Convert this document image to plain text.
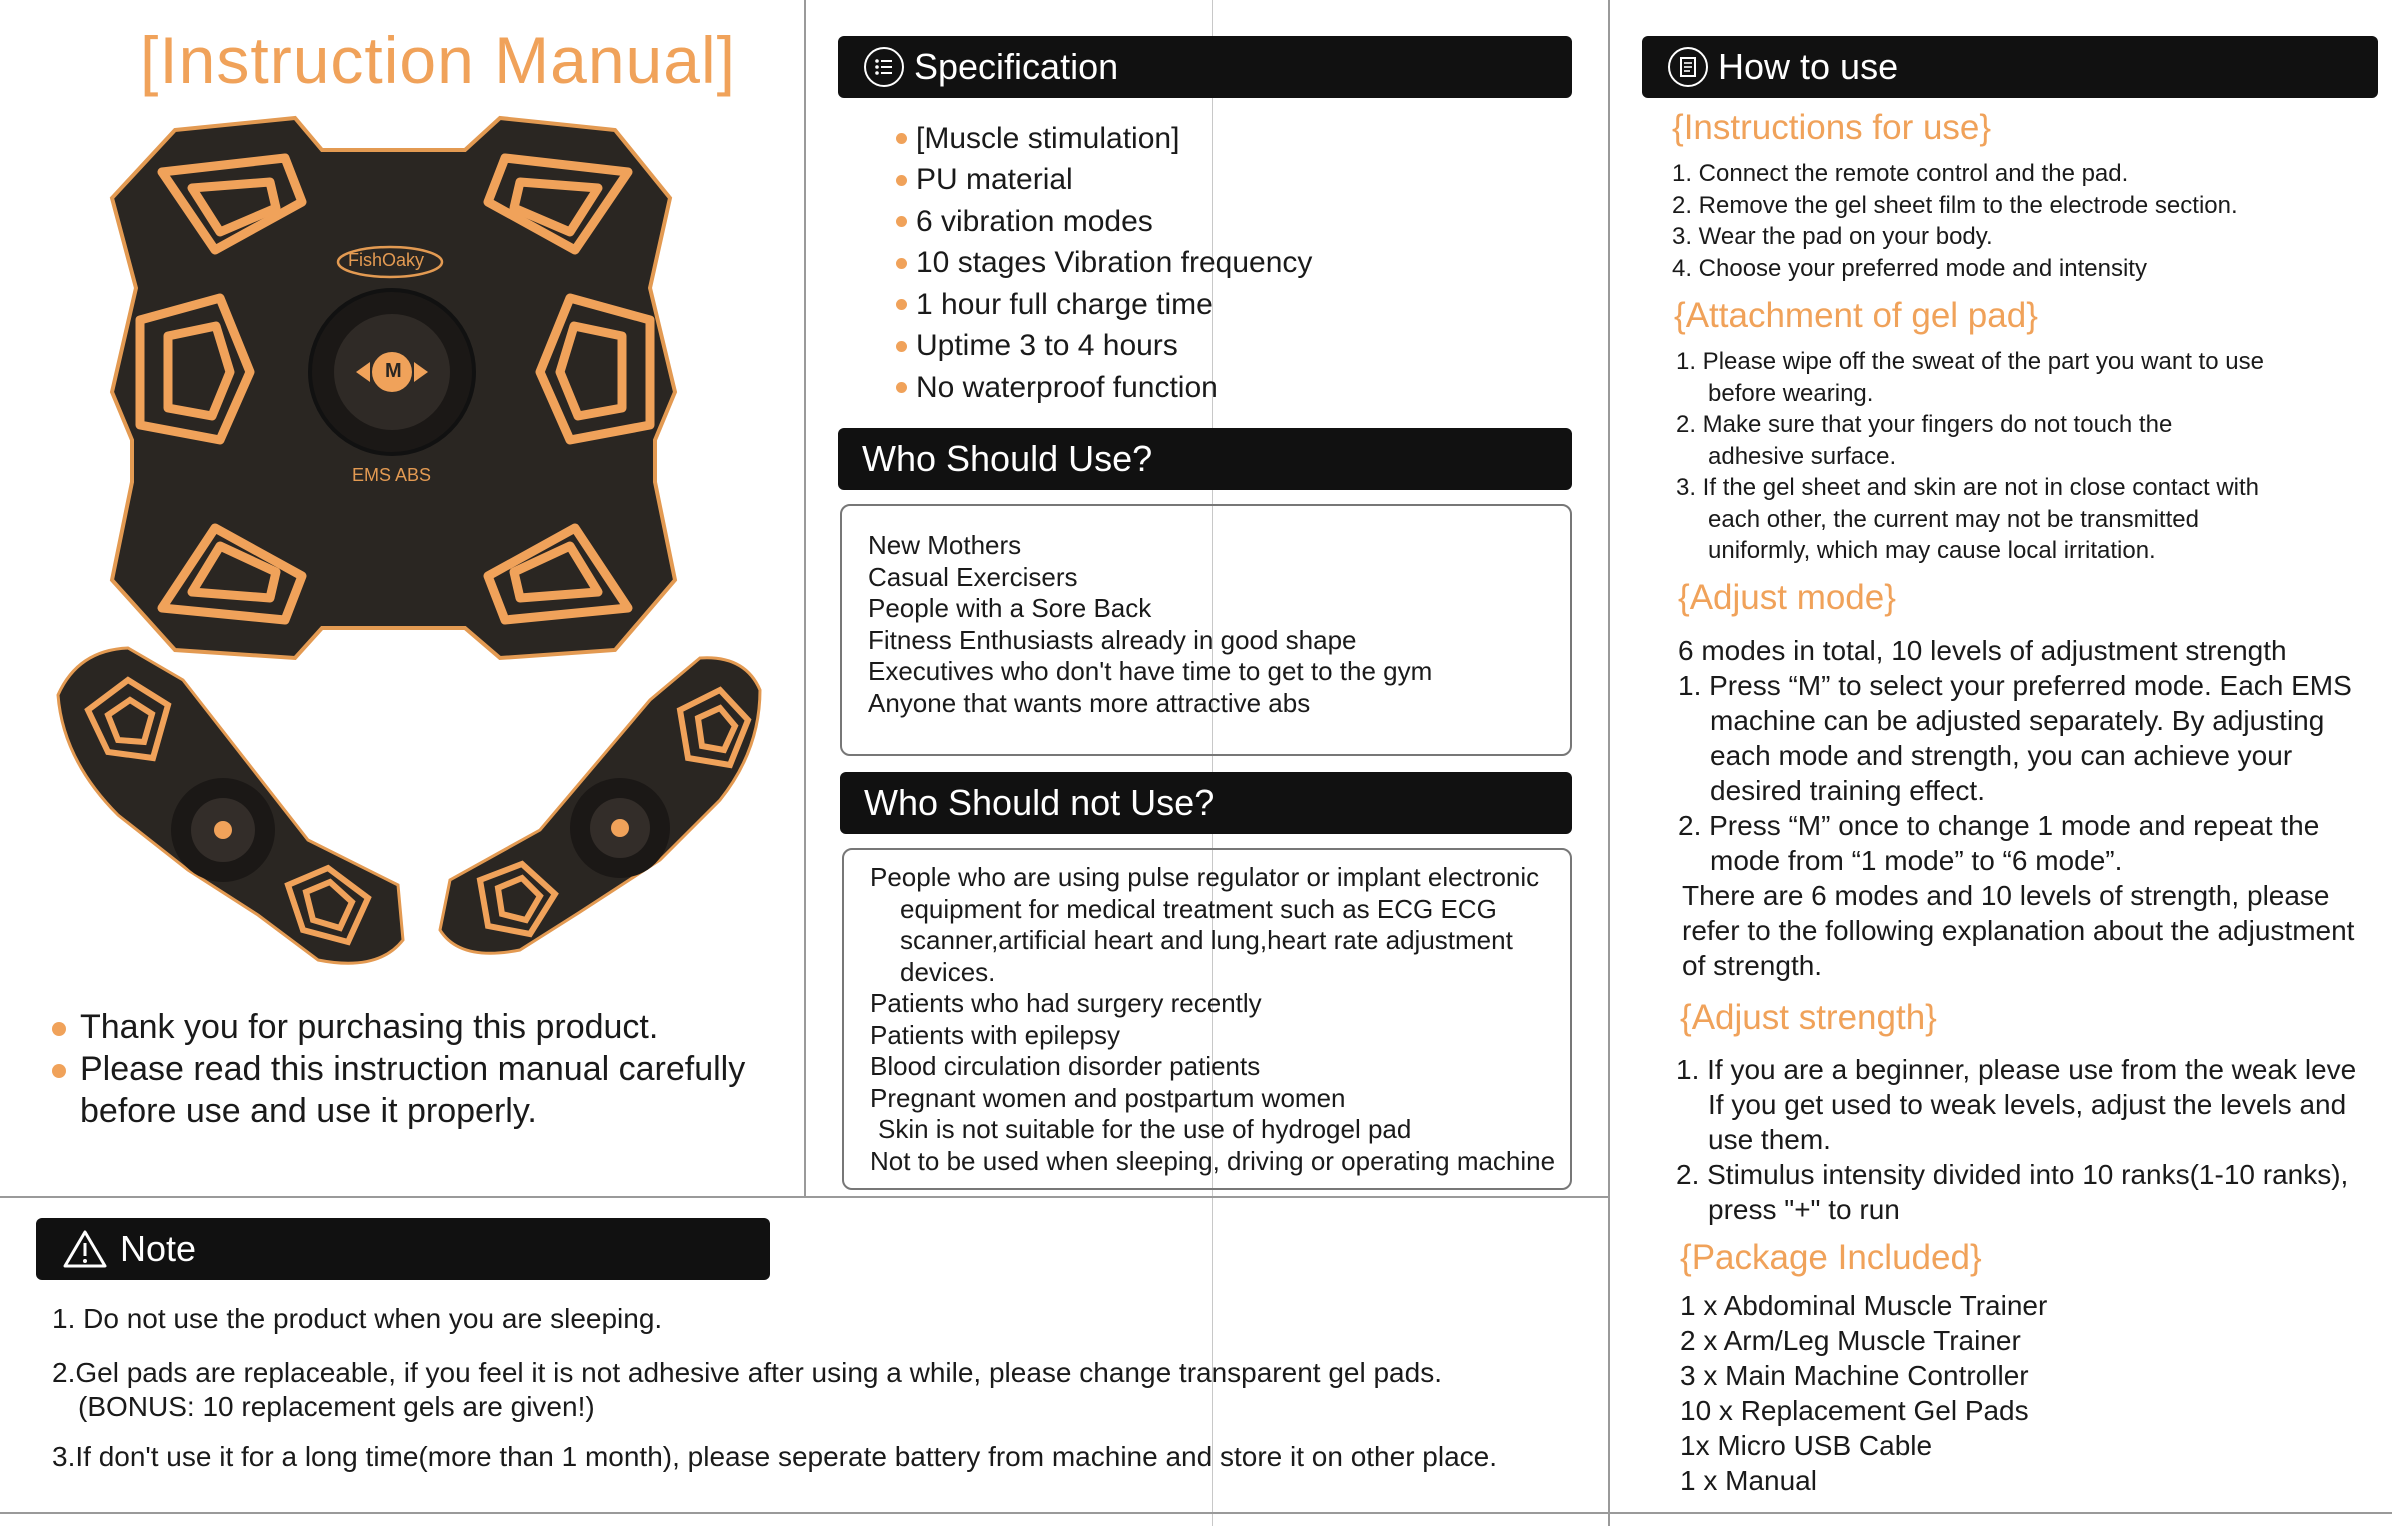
[Instruction Manual]
FishOaky
M
EMS ABS
Thank you for purchasing this product.
Please read this instruction manual carefully
before use and use it properly.
Specification
[Muscle stimulation]
PU material
6 vibration modes
10 stages Vibration frequency
1 hour full charge time
Uptime 3 to 4 hours
No waterproof function
Who Should Use?
New Mothers
Casual Exercisers
People with a Sore Back
Fitness Enthusiasts already in good shape
Executives who don't have time to get to the gym
Anyone that wants more attractive abs
Who Should not Use?
People who are using pulse regulator or implant electronic
equipment for medical treatment such as ECG ECG
scanner,artificial heart and lung,heart rate adjustment
devices.
Patients who had surgery recently
Patients with epilepsy
Blood circulation disorder patients
Pregnant women and postpartum women
Skin is not suitable for the use of hydrogel pad
Not to be used when sleeping, driving or operating machine
Note
1. Do not use the product when you are sleeping.
2.Gel pads are replaceable, if you feel it is not adhesive after using a while, please change transparent gel pads.
(BONUS: 10 replacement gels are given!)
3.If don't use it for a long time(more than 1 month), please seperate battery from machine and store it on other place.
How to use
{Instructions for use}
1. Connect the remote control and the pad.
2. Remove the gel sheet film to the electrode section.
3. Wear the pad on your body.
4. Choose your preferred mode and intensity
{Attachment of gel pad}
1. Please wipe off the sweat of the part you want to use
before wearing.
2. Make sure that your fingers do not touch the
adhesive surface.
3. If the gel sheet and skin are not in close contact with
each other, the current may not be transmitted
uniformly, which may cause local irritation.
{Adjust mode}
6 modes in total, 10 levels of adjustment strength
1. Press “M” to select your preferred mode. Each EMS
machine can be adjusted separately. By adjusting
each mode and strength, you can achieve your
desired training effect.
2. Press “M” once to change 1 mode and repeat the
mode from “1 mode” to “6 mode”.
There are 6 modes and 10 levels of strength, please
refer to the following explanation about the adjustment
of strength.
{Adjust strength}
1. If you are a beginner, please use from the weak leve
If you get used to weak levels, adjust the levels and
use them.
2. Stimulus intensity divided into 10 ranks(1-10 ranks),
press "+" to run
{Package Included}
1 x Abdominal Muscle Trainer
2 x Arm/Leg Muscle Trainer
3 x Main Machine Controller
10 x Replacement Gel Pads
1x Micro USB Cable
1 x Manual
